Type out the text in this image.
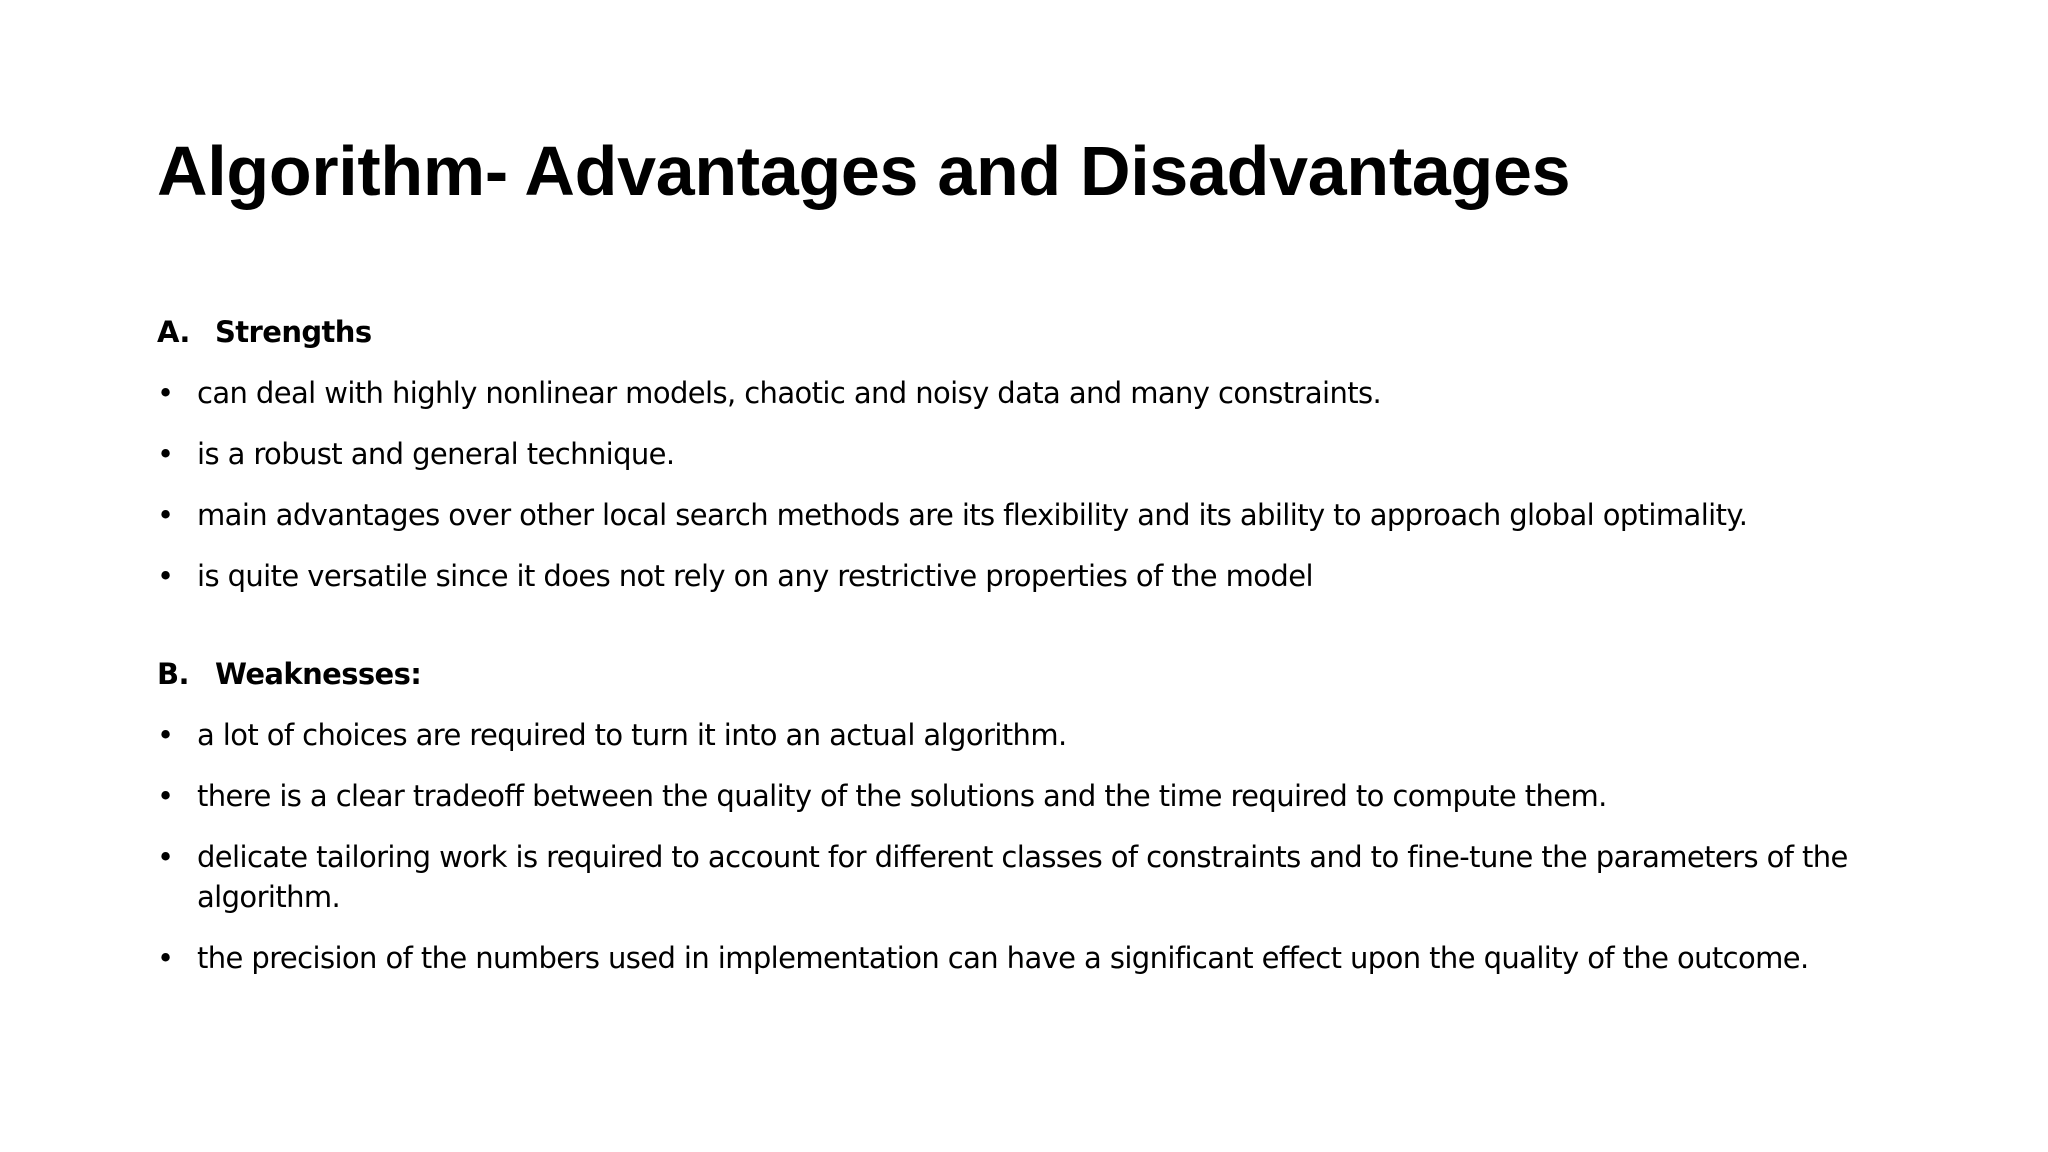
Algorithm- Advantages and Disadvantages
A. Strengths
• can deal with highly nonlinear models, chaotic and noisy data and many constraints.
• is a robust and general technique.
• main advantages over other local search methods are its flexibility and its ability to approach global optimality.
• is quite versatile since it does not rely on any restrictive properties of the model
B. Weaknesses:
• a lot of choices are required to turn it into an actual algorithm.
• there is a clear tradeoff between the quality of the solutions and the time required to compute them.
• delicate tailoring work is required to account for different classes of constraints and to fine-tune the parameters of the algorithm.
• the precision of the numbers used in implementation can have a significant effect upon the quality of the outcome.
